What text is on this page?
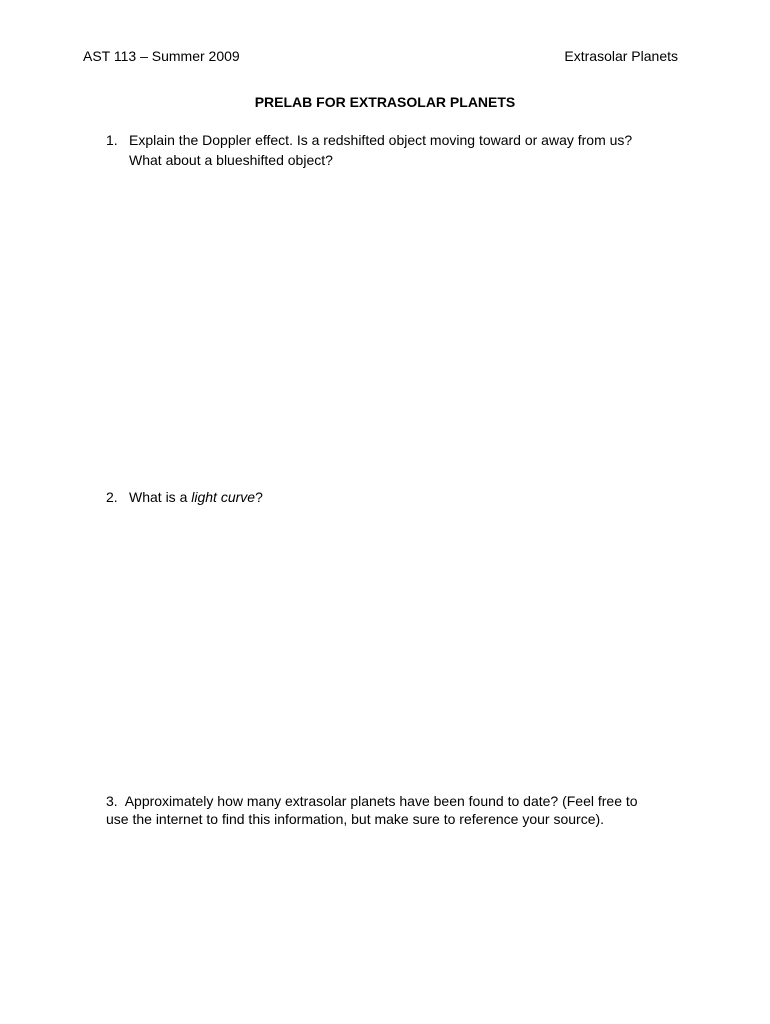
AST 113 – Summer 2009	Extrasolar Planets
PRELAB FOR EXTRASOLAR PLANETS
1. Explain the Doppler effect. Is a redshifted object moving toward or away from us?
What about a blueshifted object?
2. What is a light curve?
3. Approximately how many extrasolar planets have been found to date? (Feel free to
use the internet to find this information, but make sure to reference your source).
